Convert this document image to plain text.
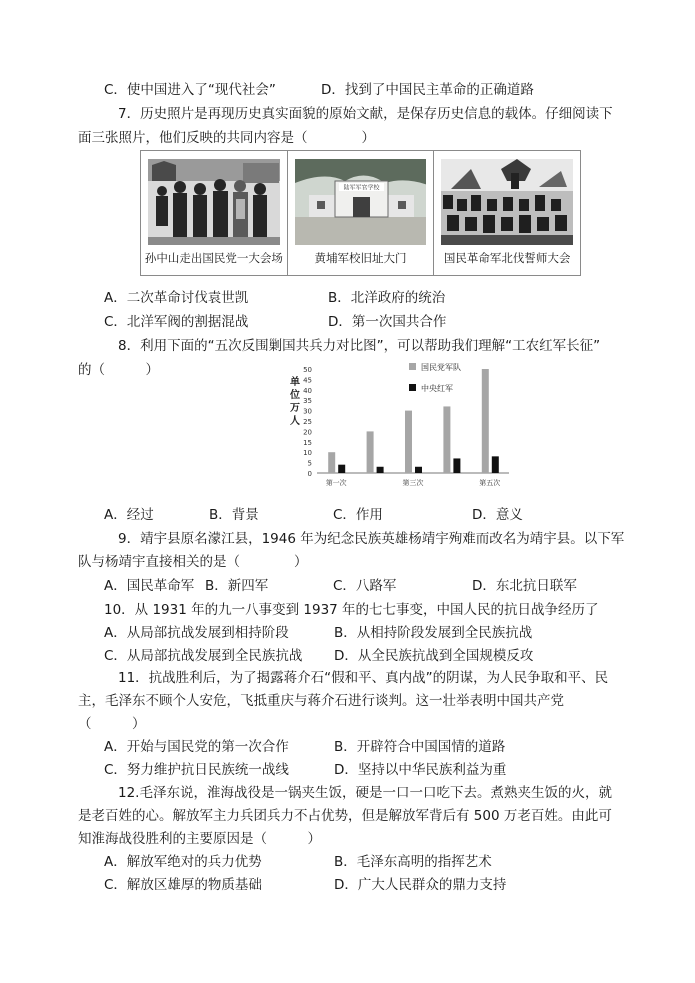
C．使中国进入了“现代社会”	D．找到了中国民主革命的正确道路
7．历史照片是再现历史真实面貌的原始文献，是保存历史信息的载体。仔细阅读下
面三张照片，他们反映的共同内容是（　　　　）
孙中山走出国民党一大会场
陆军军官学校
黄埔军校旧址大门	国民革命军北伐誓师大会
A．二次革命讨伐袁世凯	B．北洋政府的统治
C．北洋军阀的割据混战	D．第一次国共合作
8．利用下面的“五次反围剿国共兵力对比图”，可以帮助我们理解“工农红军长征”
的（　　　）
单
位
万
人
0
5
10
15
20
25
30
35
40
45
50
第一次	第三次	第五次
国民党军队
中央红军
A．经过	B．背景	C．作用	D．意义
9．靖宇县原名濛江县，1946 年为纪念民族英雄杨靖宇殉难而改名为靖宇县。以下军
队与杨靖宇直接相关的是（　　　　）
A．国民革命军 B．新四军	C．八路军	D．东北抗日联军
10．从 1931 年的九一八事变到 1937 年的七七事变，中国人民的抗日战争经历了
A．从局部抗战发展到相持阶段	B．从相持阶段发展到全民族抗战
C．从局部抗战发展到全民族抗战 D．从全民族抗战到全国规模反攻
11．抗战胜利后，为了揭露蒋介石“假和平、真内战”的阴谋，为人民争取和平、民
主，毛泽东不顾个人安危，飞抵重庆与蒋介石进行谈判。这一壮举表明中国共产党
（　　　）
A．开始与国民党的第一次合作	B．开辟符合中国国情的道路
C．努力维护抗日民族统一战线	D．坚持以中华民族利益为重
12.毛泽东说，淮海战役是一锅夹生饭，硬是一口一口吃下去。煮熟夹生饭的火，就
是老百姓的心。解放军主力兵团兵力不占优势，但是解放军背后有 500 万老百姓。由此可
知淮海战役胜利的主要原因是（　　　）
A．解放军绝对的兵力优势	B．毛泽东高明的指挥艺术
C．解放区雄厚的物质基础	D．广大人民群众的鼎力支持
